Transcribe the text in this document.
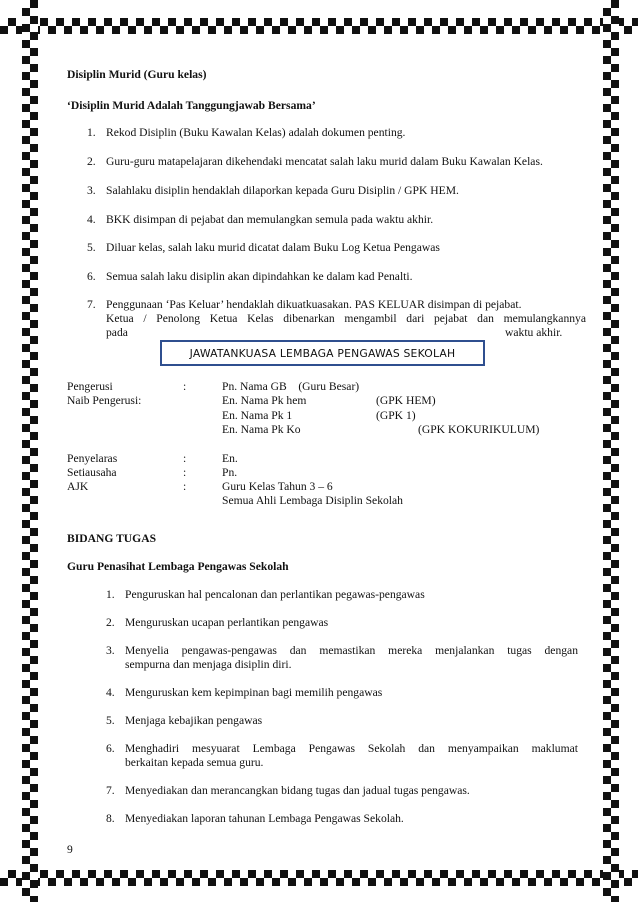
Disiplin Murid (Guru kelas)
‘Disiplin Murid Adalah Tanggungjawab Bersama’
1. Rekod Disiplin (Buku Kawalan Kelas) adalah dokumen penting.
2. Guru-guru matapelajaran dikehendaki mencatat salah laku murid dalam Buku Kawalan Kelas.
3. Salahlaku disiplin hendaklah dilaporkan kepada Guru Disiplin / GPK HEM.
4. BKK disimpan di pejabat dan memulangkan semula pada waktu akhir.
5. Diluar kelas, salah laku murid dicatat dalam Buku Log Ketua Pengawas
6. Semua salah laku disiplin akan dipindahkan ke dalam kad Penalti.
7. Penggunaan ‘Pas Keluar’ hendaklah dikuatkuasakan. PAS KELUAR disimpan di pejabat.
Ketua / Penolong Ketua Kelas dibenarkan mengambil dari pejabat dan memulangkannya
pada	waktu akhir.
JAWATANKUASA LEMBAGA PENGAWAS SEKOLAH
Pengerusi	:	Pn. Nama GB    (Guru Besar)
Naib Pengerusi:	En. Nama Pk hem	(GPK HEM)
En. Nama Pk 1	(GPK 1)
En. Nama Pk Ko	(GPK KOKURIKULUM)
Penyelaras	:	En.
Setiausaha	:	Pn.
AJK	:	Guru Kelas Tahun 3 – 6
Semua Ahli Lembaga Disiplin Sekolah
BIDANG TUGAS
Guru Penasihat Lembaga Pengawas Sekolah
1. Penguruskan hal pencalonan dan perlantikan pegawas-pengawas
2. Menguruskan ucapan perlantikan pengawas
3. Menyelia pengawas-pengawas dan memastikan mereka menjalankan tugas dengan
sempurna dan menjaga disiplin diri.
4. Menguruskan kem kepimpinan bagi memilih pengawas
5. Menjaga kebajikan pengawas
6. Menghadiri mesyuarat Lembaga Pengawas Sekolah dan menyampaikan maklumat
berkaitan kepada semua guru.
7. Menyediakan dan merancangkan bidang tugas dan jadual tugas pengawas.
8. Menyediakan laporan tahunan Lembaga Pengawas Sekolah.
9
